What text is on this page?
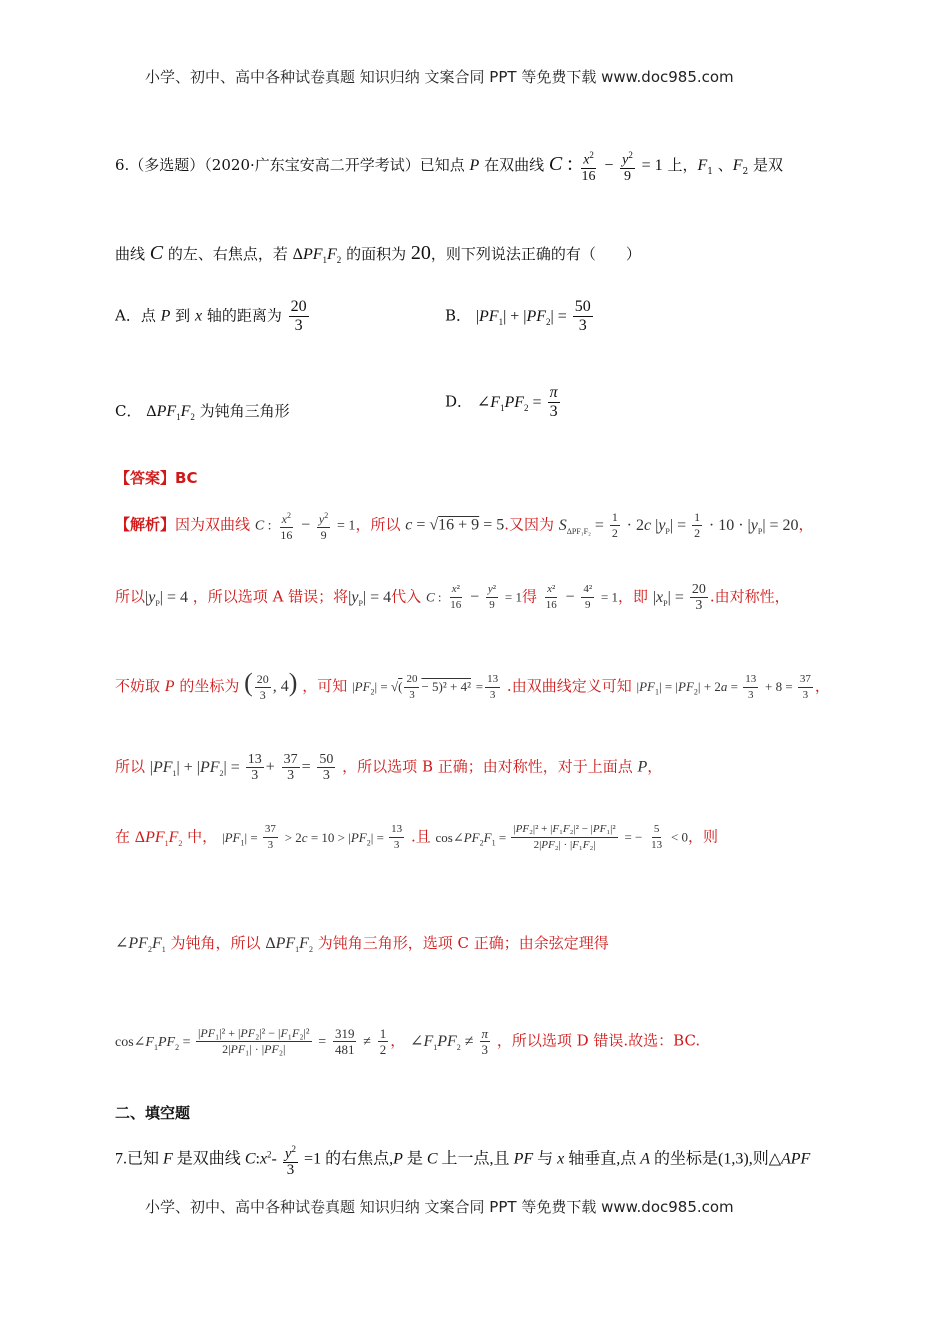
小学、初中、高中各种试卷真题 知识归纳 文案合同 PPT 等免费下载 www.doc985.com
6.（多选题）（2020·广东宝安高二开学考试）已知点 P 在双曲线 C : $\frac{x^2}{16} - \frac{y^2}{9} = 1$ 上，$F_1$ 、$F_2$ 是双
曲线 C 的左、右焦点，若 $\Delta PF_1F_2$ 的面积为 20，则下列说法正确的有（　　）
A．点 P 到 x 轴的距离为 $\frac{20}{3}$	B． $|PF_1| + |PF_2| = \frac{50}{3}$
C． $\Delta PF_1F_2$ 为钝角三角形
D． $\angle F_1PF_2 = \frac{\pi}{3}$
【答案】BC
【解析】因为双曲线 C : $\frac{x^2}{16} - \frac{y^2}{9} = 1$，所以 c = √16 + 9 = 5.又因为 $S_{\Delta PF_1F_2} = \frac{1}{2} \cdot 2c$ $|y_P| = \frac{1}{2} \cdot 10 \cdot |y_P| = 20$，
所以$|y_P| = 4$ ，所以选项 A 错误；将$|y_P| = 4$代入 C : $\frac{\text{x²}}{16} - \frac{\text{y²}}{9} = 1$得 $\frac{\text{x²}}{16} - \frac{\text{4²}}{9} = 1$，即 $|x_P| = \frac{20}{3}$ .由对称性，
不妨取 P 的坐标为 ( $\frac{20}{3}$ , 4) ，可知 $|PF_2|$ = √( $\frac{20}{3} - 5)^2 + 4^2 = \frac{13}{3}$ .由双曲线定义可知 $|PF_1| = |PF_2| + 2a = \frac{13}{3} + 8 = \frac{37}{3}$ ，
所以 $|PF_1| + |PF_2| = \frac{13}{3} + \frac{37}{3} = \frac{50}{3}$ ，所以选项 B 正确；由对称性，对于上面点 P，
在 $\Delta PF_1F_2$ 中， $|PF_1| = \frac{37}{3} > 2c = 10 > |PF_2| = \frac{13}{3}$ .且 $\cos\angle PF_2F_1 = \frac{\text{|PF₂|² + |F₁F₂|² − |PF₁|²}}{\text{2|PF₂| · |F₁F₂|}}$ = − $\frac{5}{13} < 0$，则
$\angle PF_2F_1$ 为钝角，所以 $\Delta PF_1F_2$ 为钝角三角形，选项 C 正确；由余弦定理得
$\cos\angle F_1PF_2 = \frac{\text{|PF₁|² + |PF₂|² − |F₁F₂|²}}{\text{2|PF₁| · |PF₂|}} = \frac{319}{481} \ne \frac{1}{2}$ ， $\angle F_1PF_2 \ne \frac{\pi}{3}$ ，所以选项 D 错误.故选：BC.
二、填空题
7.已知 F 是双曲线 $C:x^2- \frac{y^2}{3} =1$ 的右焦点,P 是 C 上一点,且 PF 与 x 轴垂直,点 A 的坐标是(1,3),则△APF
小学、初中、高中各种试卷真题 知识归纳 文案合同 PPT 等免费下载 www.doc985.com
